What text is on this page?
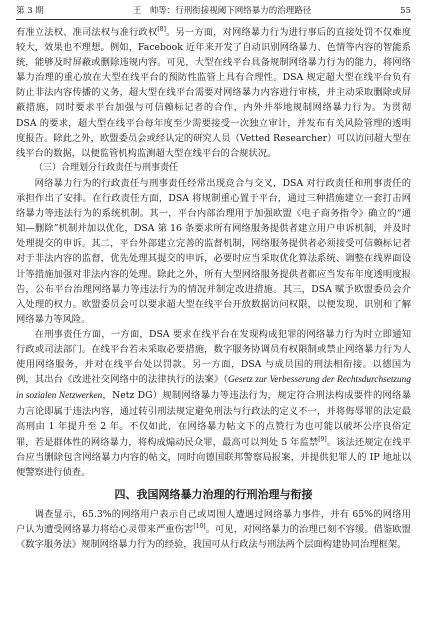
第 3 期	王　帅等：行刑衔接视阈下网络暴力的治理路径	55

有准立法权、准司法权与准行政权[8]。另一方面，对网络暴力行为进行事后的直接处罚不仅难度较大，效果也不理想。例如，Facebook 近年来开发了自动识别网络暴力、色情等内容的智能系统，能够及时屏蔽或删除违规内容。可见，大型在线平台具备规制网络暴力行为的能力，将网络暴力治理的重心放在大型在线平台的预防性监管上具有合理性。DSA 规定超大型在线平台负有防止非法内容传播的义务，超大型在线平台需要对网络暴力内容进行审核，并主动采取删除或屏蔽措施，同时要求平台加强与可信赖标记者的合作，内外并举地规制网络暴力行为。为贯彻 DSA 的要求，超大型在线平台每年度至少需要接受一次独立审计，并发布有关风险管理的透明度报告。除此之外，欧盟委员会或经认定的研究人员（Vetted Researcher）可以访问超大型在线平台的数据，以便监管机构监测超大型在线平台的合规状况。

（三）合理划分行政责任与刑事责任

网络暴力行为的行政责任与刑事责任经常出现竞合与交叉，DSA 对行政责任和刑事责任的承担作出了安排。在行政责任方面，DSA 将规制重心置于平台，通过三种措施建立一套打击网络暴力等违法行为的系统机制。其一，平台内部治理用于加强欧盟《电子商务指令》确立的“通知—删除”机制并加以优化，DSA 第 16 条要求所有网络服务提供者建立用户申诉机制，并及时处理提交的申诉。其二，平台外部建立完善的监督机制，网络服务提供者必须接受可信赖标记者对于非法内容的监督，优先处理其提交的申诉，必要时应当采取优化算法系统、调整在线界面设计等措施加强对非法内容的处理。除此之外，所有大型网络服务提供者都应当发布年度透明度报告，公布平台治理网络暴力等违法行为的情况并制定改进措施。其三，DSA 赋予欧盟委员会介入处理的权力。欧盟委员会可以要求超大型在线平台开放数据访问权限，以便发现、识别和了解网络暴力等风险。

在刑事责任方面，一方面，DSA 要求在线平台在发现构成犯罪的网络暴力行为时立即通知行政或司法部门。在线平台若未采取必要措施，数字服务协调员有权限制或禁止网络暴力行为人使用网络服务，并对在线平台处以罚款。另一方面，DSA 与成员国的刑法相衔接。以德国为例，其出台《改进社交网络中的法律执行的法案》（Gesetz zur Verbesserung der Rechtsdurchsetzung in sozialen Netzwerken，Netz DG）规制网络暴力等违法行为，规定符合刑法构成要件的网络暴力言论即属于违法内容，通过转引刑法规定避免刑法与行政法的定义不一，并将侮辱罪的法定最高刑由 1 年提升至 2 年。不仅如此，在网络暴力帖文下的点赞行为也可能以破坏公序良俗定罪，若是群体性的网络暴力，将构成煽动民众罪，最高可以判处 5 年监禁[9]。该法还规定在线平台应当删除包含网络暴力内容的帖文，同时向德国联邦警察局报案，并提供犯罪人的 IP 地址以便警察进行侦查。

四、我国网络暴力治理的行刑治理与衔接

调查显示，65.3%的网络用户表示自己或周围人遭遇过网络暴力事件，并有 65%的网络用户认为遭受网络暴力将给心灵带来严重伤害[10]。可见，对网络暴力的治理已刻不容缓。借鉴欧盟《数字服务法》规制网络暴力行为的经验，我国可从行政法与刑法两个层面构建协同治理框架。
